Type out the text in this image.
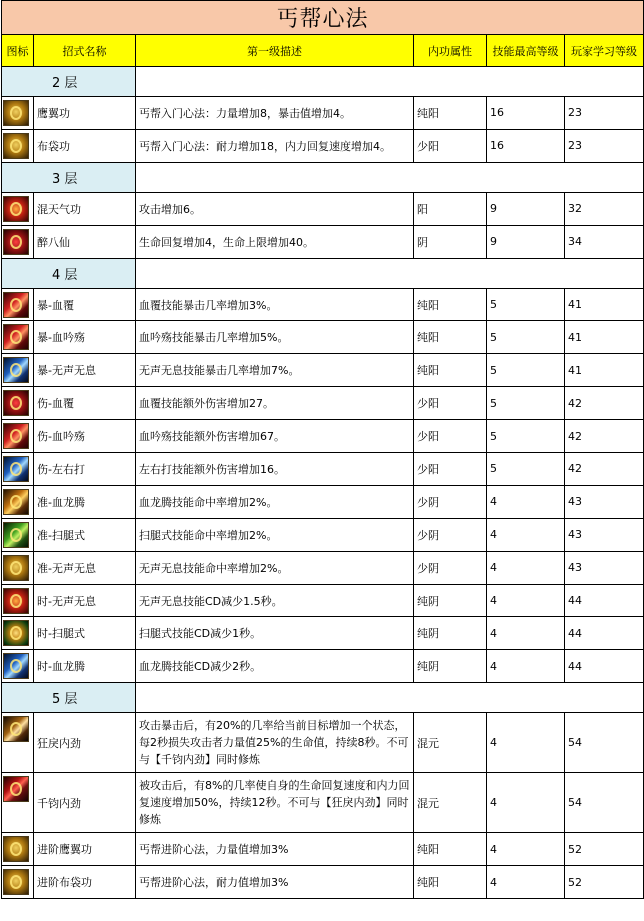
丐帮心法					
图标	招式名称	第一级描述	内功属性	技能最高等级	玩家学习等级
2 层					

	鹰翼功	丐帮入门心法：力量增加8，暴击值增加4。	纯阳	16	23

	布袋功	丐帮入门心法：耐力增加18，内力回复速度增加4。	少阳	16	23
3 层					

	混天气功	攻击增加6。	阳	9	32

	醉八仙	生命回复增加4，生命上限增加40。	阴	9	34
4 层					

	暴-血覆	血覆技能暴击几率增加3%。	纯阳	5	41

	暴-血吟殇	血吟殇技能暴击几率增加5%。	纯阳	5	41

	暴-无声无息	无声无息技能暴击几率增加7%。	纯阳	5	41

	伤-血覆	血覆技能额外伤害增加27。	少阳	5	42

	伤-血吟殇	血吟殇技能额外伤害增加67。	少阳	5	42

	伤-左右打	左右打技能额外伤害增加16。	少阳	5	42

	准-血龙腾	血龙腾技能命中率增加2%。	少阴	4	43

	准-扫腿式	扫腿式技能命中率增加2%。	少阴	4	43

	准-无声无息	无声无息技能命中率增加2%。	少阴	4	43

	时-无声无息	无声无息技能CD减少1.5秒。	纯阴	4	44

	时-扫腿式	扫腿式技能CD减少1秒。	纯阴	4	44

	时-血龙腾	血龙腾技能CD减少2秒。	纯阴	4	44
5 层					

	狂戾内劲	攻击暴击后，有20%的几率给当前目标增加一个状态，每2秒损失攻击者力量值25%的生命值，持续8秒。不可与【千钧内劲】同时修炼	混元	4	54

	千钧内劲	被攻击后，有8%的几率使自身的生命回复速度和内力回复速度增加50%，持续12秒。不可与【狂戾内劲】同时修炼	混元	4	54

	进阶鹰翼功	丐帮进阶心法，力量值增加3%	纯阳	4	52

	进阶布袋功	丐帮进阶心法，耐力值增加3%	纯阳	4	52
